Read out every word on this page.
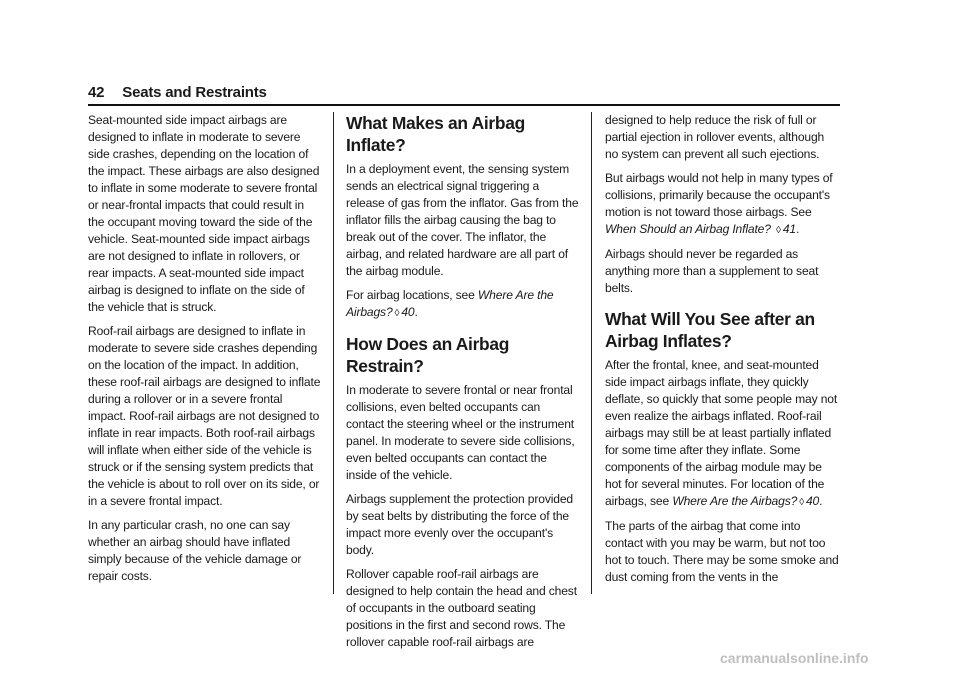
42 Seats and Restraints

Seat-mounted side impact airbags are designed to inflate in moderate to severe side crashes, depending on the location of the impact. These airbags are also designed to inflate in some moderate to severe frontal or near-frontal impacts that could result in the occupant moving toward the side of the vehicle. Seat-mounted side impact airbags are not designed to inflate in rollovers, or rear impacts. A seat-mounted side impact airbag is designed to inflate on the side of the vehicle that is struck.

Roof-rail airbags are designed to inflate in moderate to severe side crashes depending on the location of the impact. In addition, these roof-rail airbags are designed to inflate during a rollover or in a severe frontal impact. Roof-rail airbags are not designed to inflate in rear impacts. Both roof-rail airbags will inflate when either side of the vehicle is struck or if the sensing system predicts that the vehicle is about to roll over on its side, or in a severe frontal impact.

In any particular crash, no one can say whether an airbag should have inflated simply because of the vehicle damage or repair costs.

What Makes an Airbag Inflate?

In a deployment event, the sensing system sends an electrical signal triggering a release of gas from the inflator. Gas from the inflator fills the airbag causing the bag to break out of the cover. The inflator, the airbag, and related hardware are all part of the airbag module.

For airbag locations, see Where Are the Airbags? ◊ 40.

How Does an Airbag Restrain?

In moderate to severe frontal or near frontal collisions, even belted occupants can contact the steering wheel or the instrument panel. In moderate to severe side collisions, even belted occupants can contact the inside of the vehicle.

Airbags supplement the protection provided by seat belts by distributing the force of the impact more evenly over the occupant's body.

Rollover capable roof-rail airbags are designed to help contain the head and chest of occupants in the outboard seating positions in the first and second rows. The rollover capable roof-rail airbags are

designed to help reduce the risk of full or partial ejection in rollover events, although no system can prevent all such ejections.

But airbags would not help in many types of collisions, primarily because the occupant's motion is not toward those airbags. See When Should an Airbag Inflate? ◊ 41.

Airbags should never be regarded as anything more than a supplement to seat belts.

What Will You See after an Airbag Inflates?

After the frontal, knee, and seat-mounted side impact airbags inflate, they quickly deflate, so quickly that some people may not even realize the airbags inflated. Roof-rail airbags may still be at least partially inflated for some time after they inflate. Some components of the airbag module may be hot for several minutes. For location of the airbags, see Where Are the Airbags? ◊ 40.

The parts of the airbag that come into contact with you may be warm, but not too hot to touch. There may be some smoke and dust coming from the vents in the

carmanualsonline.info
